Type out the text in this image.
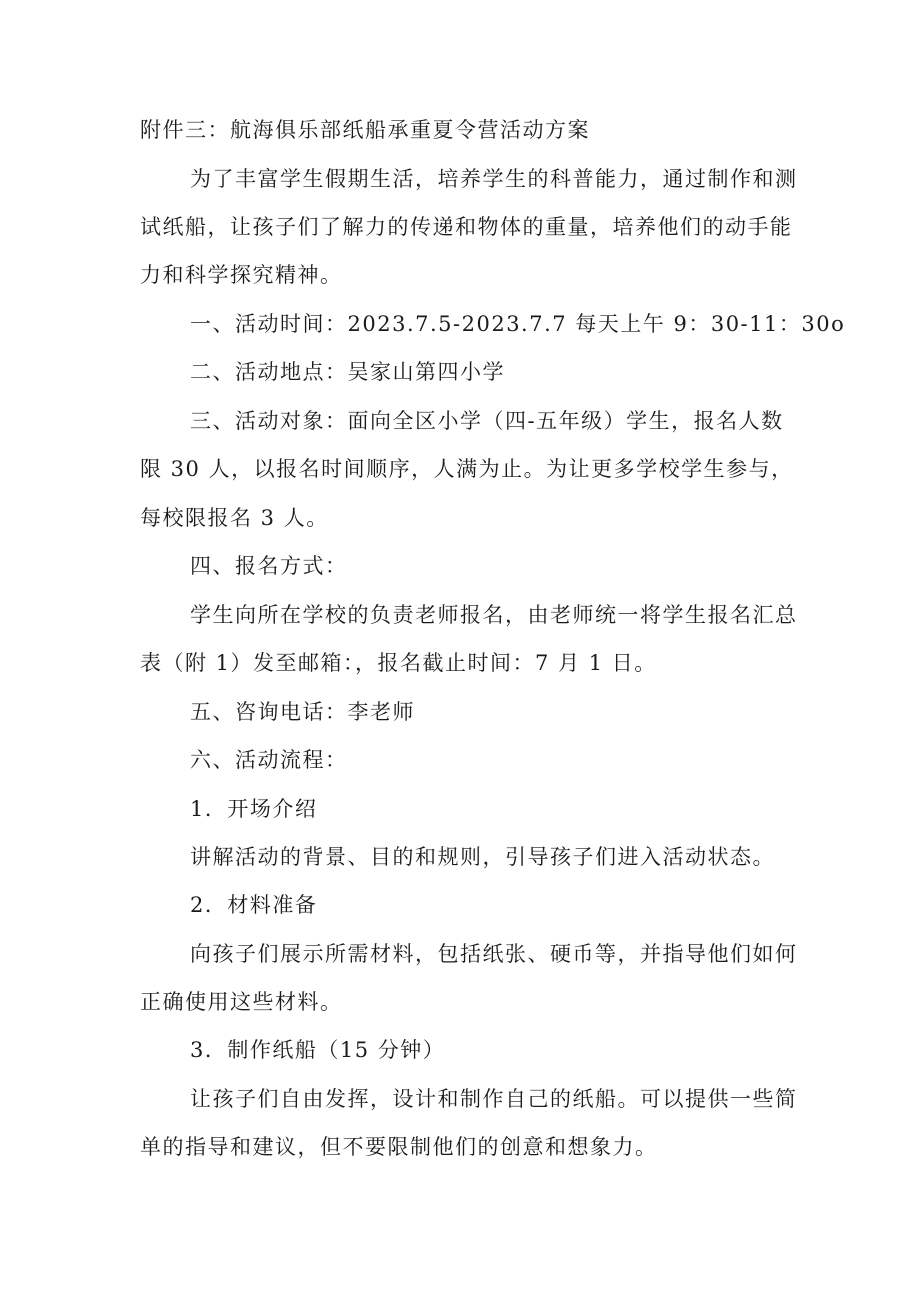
附件三：航海俱乐部纸船承重夏令营活动方案
为了丰富学生假期生活，培养学生的科普能力，通过制作和测
试纸船，让孩子们了解力的传递和物体的重量，培养他们的动手能
力和科学探究精神。
一、活动时间：2023.7.5-2023.7.7 每天上午 9：30-11：30o
二、活动地点：吴家山第四小学
三、活动对象：面向全区小学（四-五年级）学生，报名人数
限 30 人，以报名时间顺序，人满为止。为让更多学校学生参与，
每校限报名 3 人。
四、报名方式：
学生向所在学校的负责老师报名，由老师统一将学生报名汇总
表（附 1）发至邮箱：，报名截止时间：7 月 1 日。
五、咨询电话：李老师
六、活动流程：
1．开场介绍
讲解活动的背景、目的和规则，引导孩子们进入活动状态。
2．材料准备
向孩子们展示所需材料，包括纸张、硬币等，并指导他们如何
正确使用这些材料。
3．制作纸船（15 分钟）
让孩子们自由发挥，设计和制作自己的纸船。可以提供一些简
单的指导和建议，但不要限制他们的创意和想象力。
